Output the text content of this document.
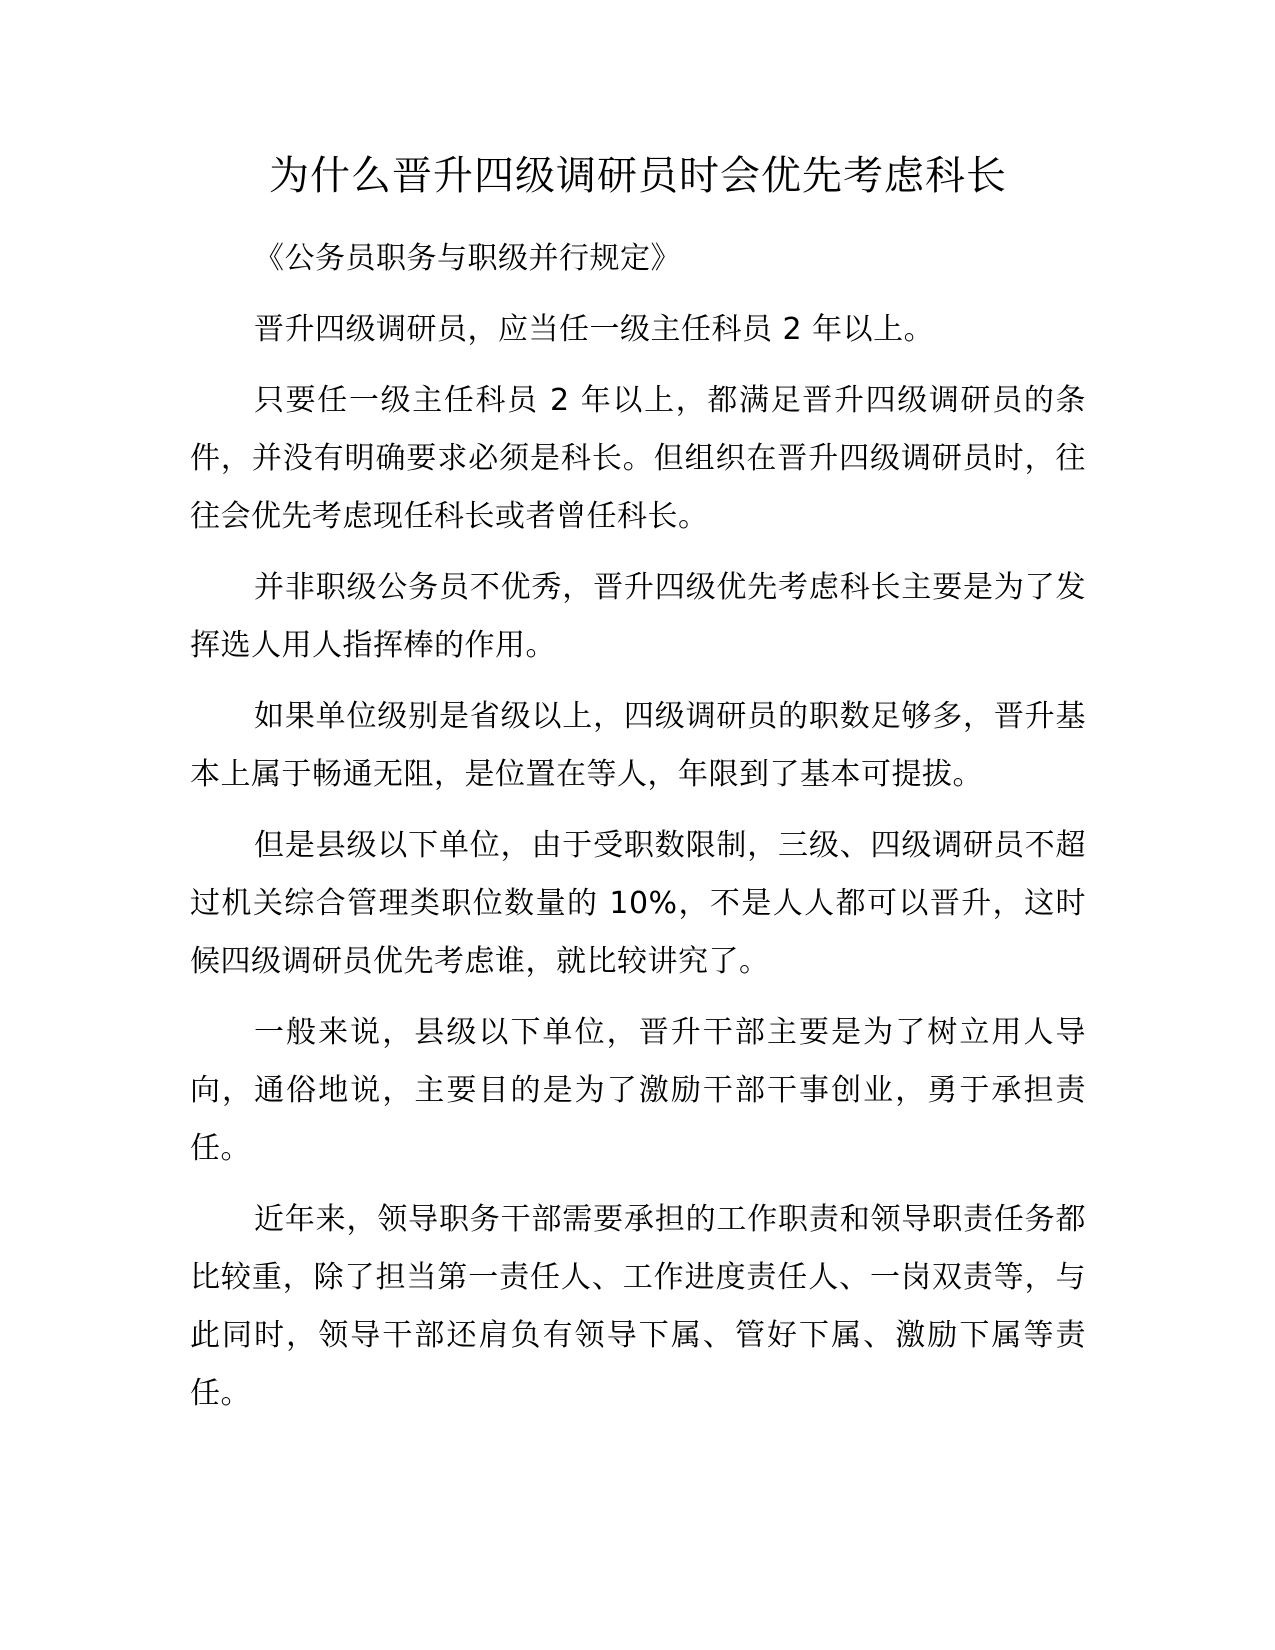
为什么晋升四级调研员时会优先考虑科长

《公务员职务与职级并行规定》

晋升四级调研员，应当任一级主任科员 2 年以上。

只要任一级主任科员 2 年以上，都满足晋升四级调研员的条件，并没有明确要求必须是科长。但组织在晋升四级调研员时，往往会优先考虑现任科长或者曾任科长。

并非职级公务员不优秀，晋升四级优先考虑科长主要是为了发挥选人用人指挥棒的作用。

如果单位级别是省级以上，四级调研员的职数足够多，晋升基本上属于畅通无阻，是位置在等人，年限到了基本可提拔。

但是县级以下单位，由于受职数限制，三级、四级调研员不超过机关综合管理类职位数量的 10%，不是人人都可以晋升，这时候四级调研员优先考虑谁，就比较讲究了。

一般来说，县级以下单位，晋升干部主要是为了树立用人导向，通俗地说，主要目的是为了激励干部干事创业，勇于承担责任。

近年来，领导职务干部需要承担的工作职责和领导职责任务都比较重，除了担当第一责任人、工作进度责任人、一岗双责等，与此同时，领导干部还肩负有领导下属、管好下属、激励下属等责任。
